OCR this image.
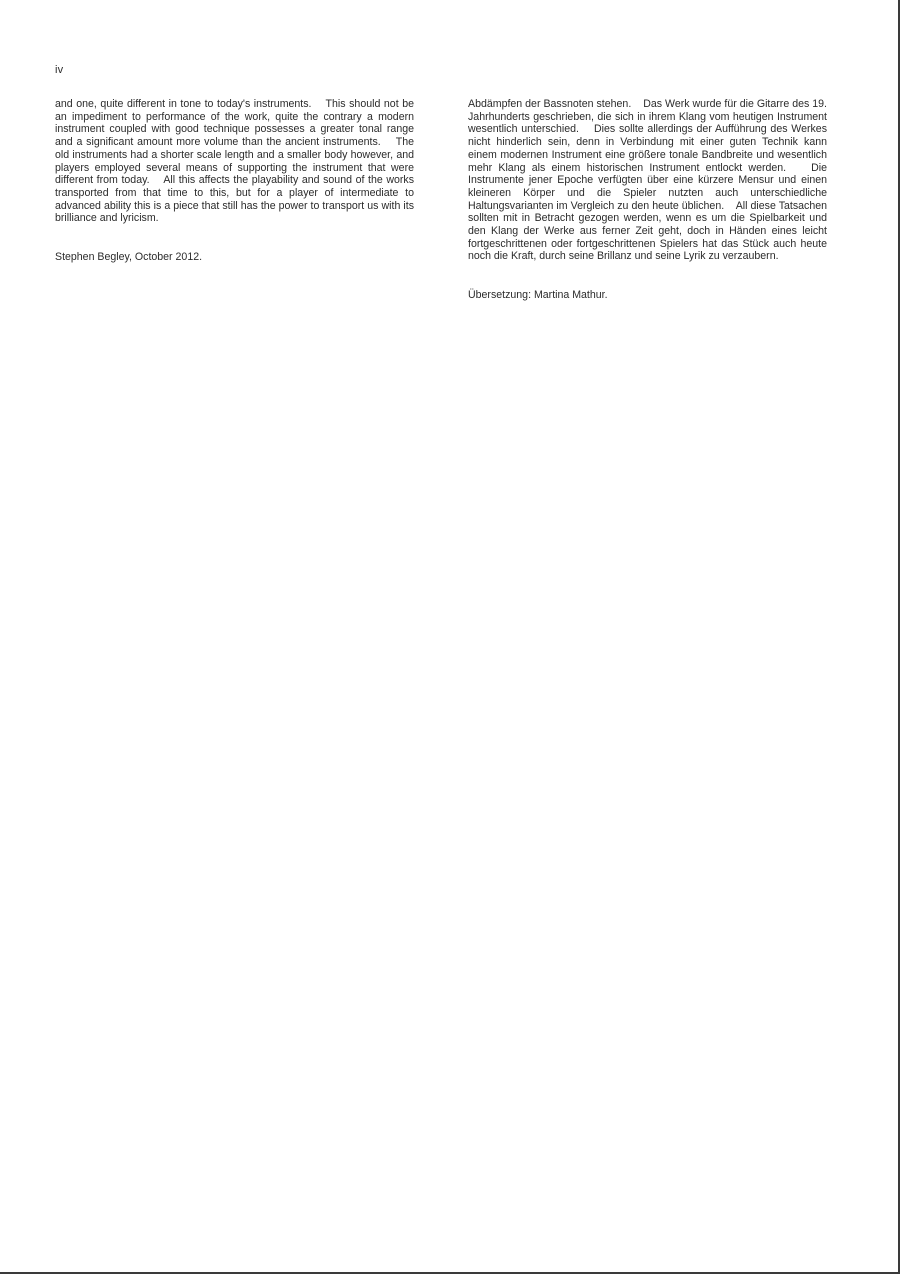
iv

and one, quite different in tone to today's instruments.    This should not be an impediment to performance of the work, quite the contrary a modern instrument coupled with good technique possesses a greater tonal range and a significant amount more volume than the ancient instruments.    The old instruments had a shorter scale length and a smaller body however, and players employed several means of supporting the instrument that were different from today.    All this affects the playability and sound of the works transported from that time to this, but for a player of intermediate to advanced ability this is a piece that still has the power to transport us with its brilliance and lyricism.

Stephen Begley, October 2012.

Abdämpfen der Bassnoten stehen.    Das Werk wurde für die Gitarre des 19. Jahrhunderts geschrieben, die sich in ihrem Klang vom heutigen Instrument wesentlich unterschied.    Dies sollte allerdings der Aufführung des Werkes nicht hinderlich sein, denn in Verbindung mit einer guten Technik kann einem modernen Instrument eine größere tonale Bandbreite und wesentlich mehr Klang als einem historischen Instrument entlockt werden.    Die Instrumente jener Epoche verfügten über eine kürzere Mensur und einen kleineren Körper und die Spieler nutzten auch unterschiedliche Haltungsvarianten im Vergleich zu den heute üblichen.    All diese Tatsachen sollten mit in Betracht gezogen werden, wenn es um die Spielbarkeit und den Klang der Werke aus ferner Zeit geht, doch in Händen eines leicht fortgeschrittenen oder fortgeschrittenen Spielers hat das Stück auch heute noch die Kraft, durch seine Brillanz und seine Lyrik zu verzaubern.

Übersetzung: Martina Mathur.
